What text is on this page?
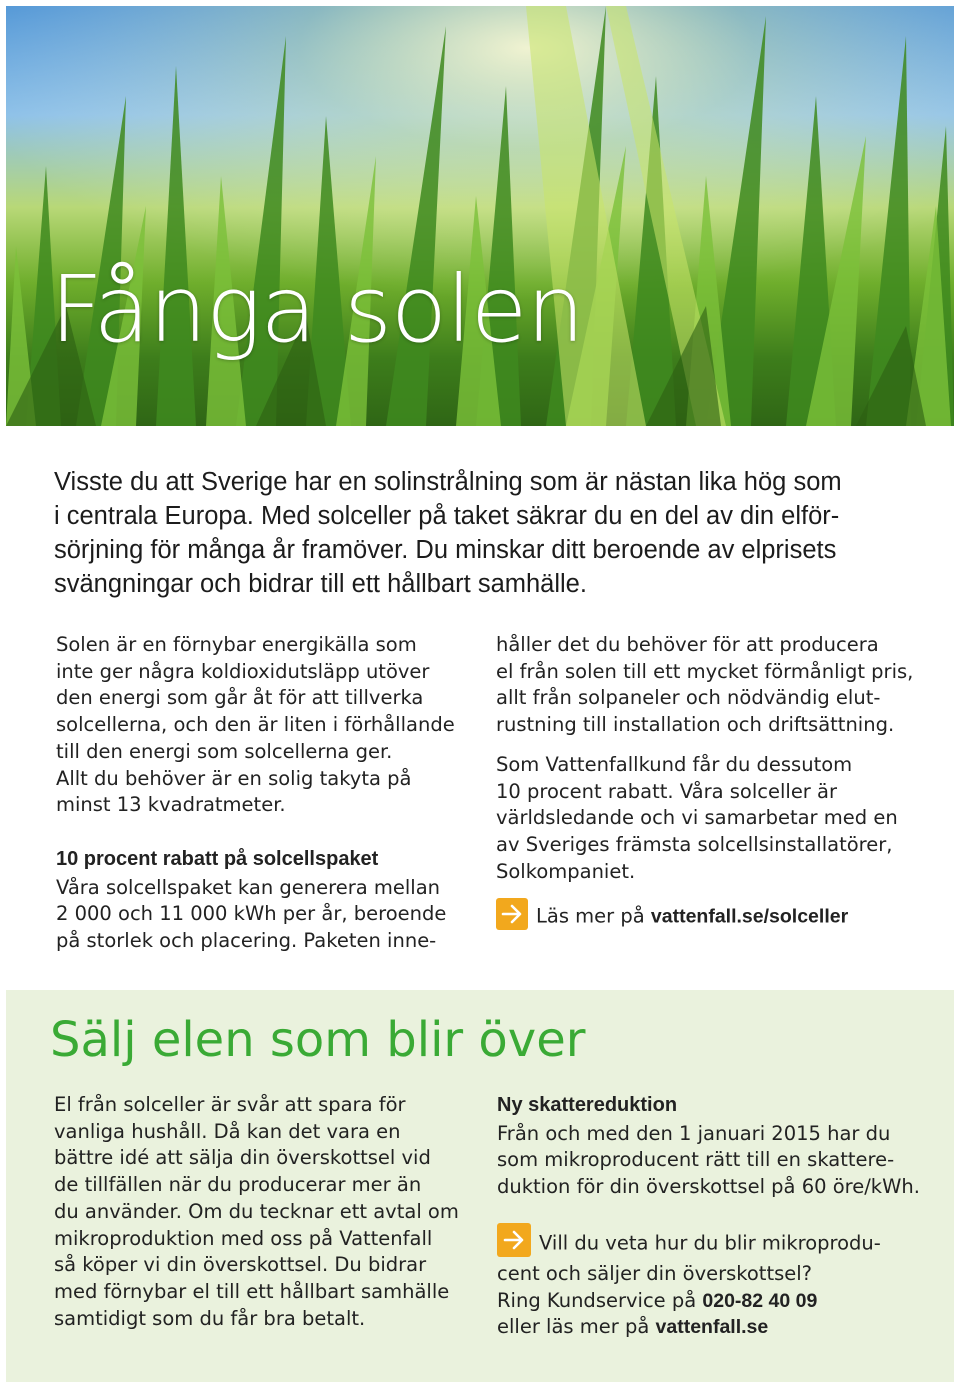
Fånga solen
Visste du att Sverige har en solinstrålning som är nästan lika hög som
i centrala Europa. Med solceller på taket säkrar du en del av din elför-
sörjning för många år framöver. Du minskar ditt beroende av elprisets
svängningar och bidrar till ett hållbart samhälle.
Solen är en förnybar energikälla som
inte ger några koldioxidutsläpp utöver
den energi som går åt för att tillverka
solcellerna, och den är liten i förhållande
till den energi som solcellerna ger.
Allt du behöver är en solig takyta på
minst 13 kvadratmeter.
10 procent rabatt på solcellspaket
Våra solcellspaket kan generera mellan
2 000 och 11 000 kWh per år, beroende
på storlek och placering. Paketen inne-
håller det du behöver för att producera
el från solen till ett mycket förmånligt pris,
allt från solpaneler och nödvändig elut-
rustning till installation och driftsättning.
Som Vattenfallkund får du dessutom
10 procent rabatt. Våra solceller är
världsledande och vi samarbetar med en
av Sveriges främsta solcellsinstallatörer,
Solkompaniet.
Läs mer på vattenfall.se/solceller
Sälj elen som blir över
El från solceller är svår att spara för
vanliga hushåll. Då kan det vara en
bättre idé att sälja din överskottsel vid
de tillfällen när du producerar mer än
du använder. Om du tecknar ett avtal om
mikroproduktion med oss på Vattenfall
så köper vi din överskottsel. Du bidrar
med förnybar el till ett hållbart samhälle
samtidigt som du får bra betalt.
Ny skattereduktion
Från och med den 1 januari 2015 har du
som mikroproducent rätt till en skattere-
duktion för din överskottsel på 60 öre/kWh.
Vill du veta hur du blir mikroprodu-
cent och säljer din överskottsel?
Ring Kundservice på 020-82 40 09
eller läs mer på vattenfall.se
